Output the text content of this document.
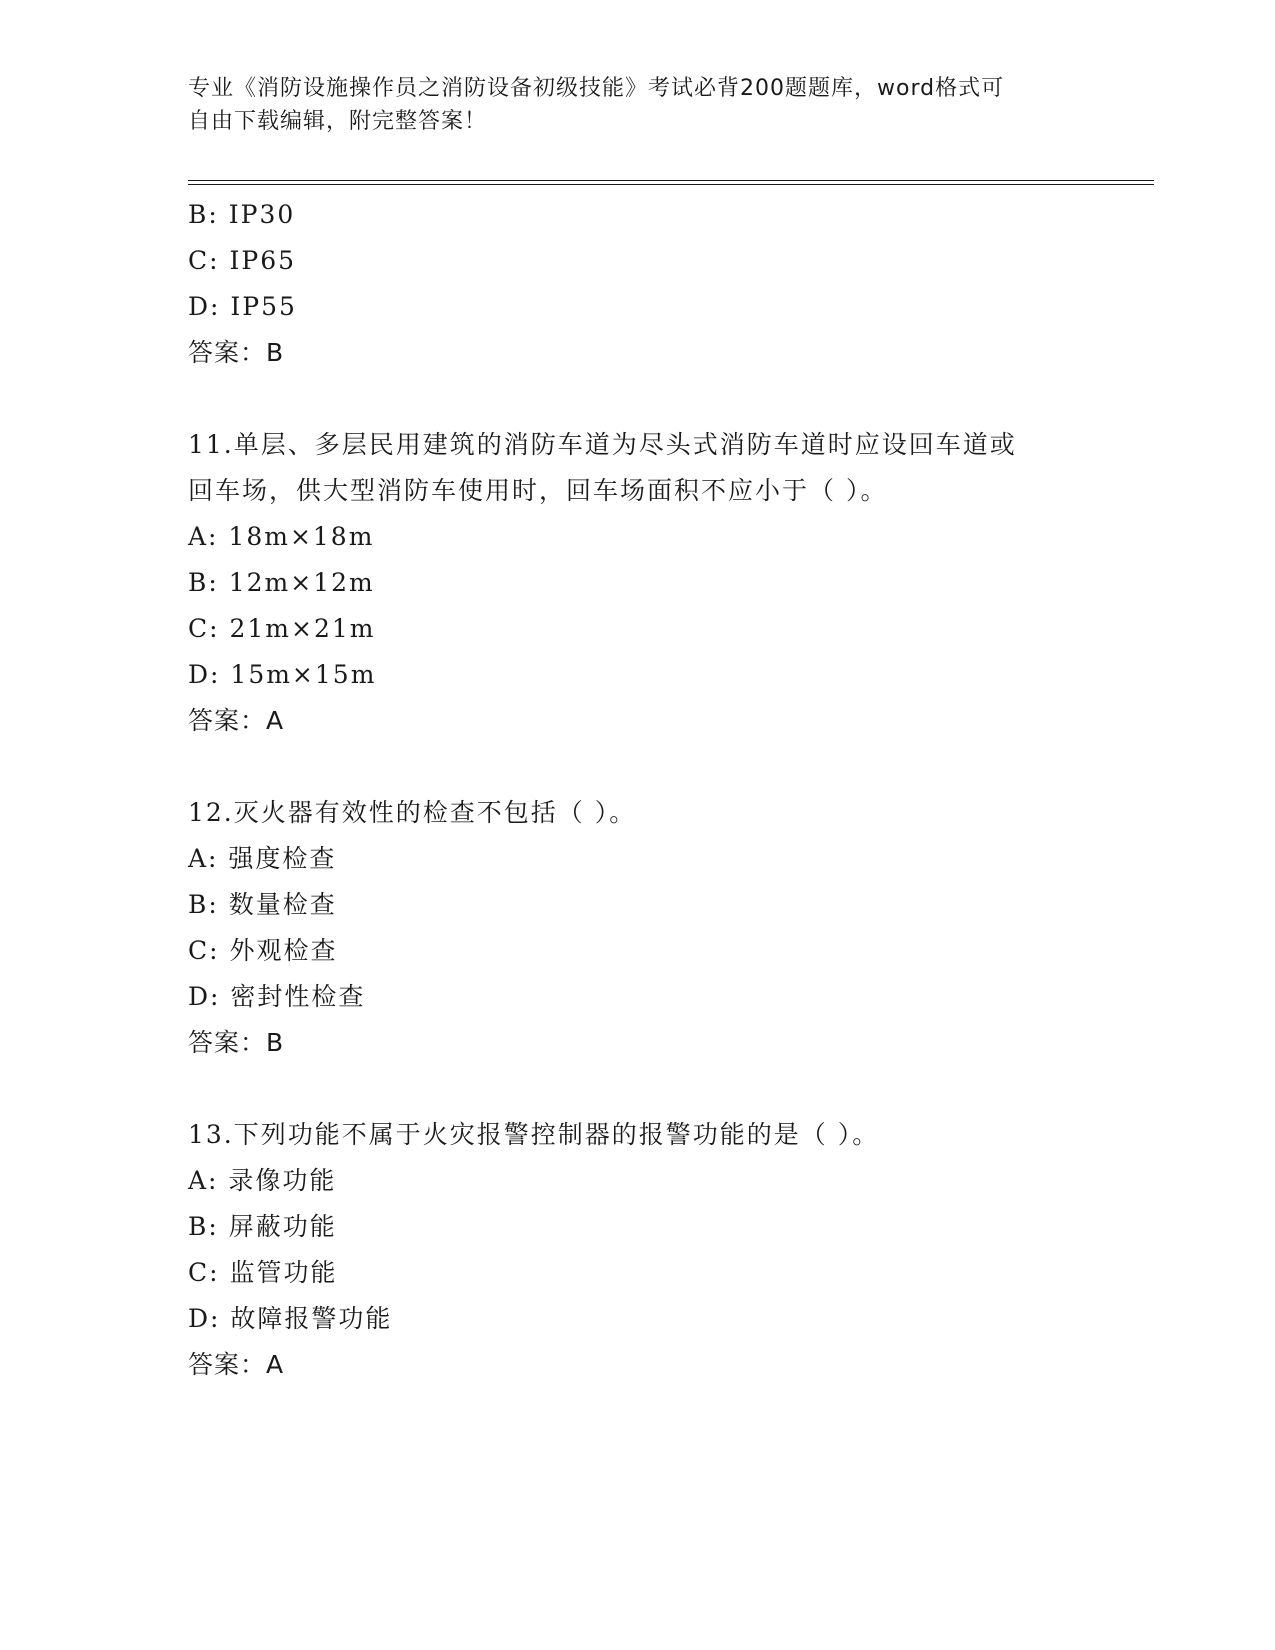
专业《消防设施操作员之消防设备初级技能》考试必背200题题库，word格式可
自由下载编辑，附完整答案！
B: IP30
C: IP65
D: IP55
答案：B
11.单层、多层民用建筑的消防车道为尽头式消防车道时应设回车道或
回车场，供大型消防车使用时，回车场面积不应小于（ ）。
A: 18m×18m
B: 12m×12m
C: 21m×21m
D: 15m×15m
答案：A
12.灭火器有效性的检查不包括（ ）。
A: 强度检查
B: 数量检查
C: 外观检查
D: 密封性检查
答案：B
13.下列功能不属于火灾报警控制器的报警功能的是（ ）。
A: 录像功能
B: 屏蔽功能
C: 监管功能
D: 故障报警功能
答案：A
